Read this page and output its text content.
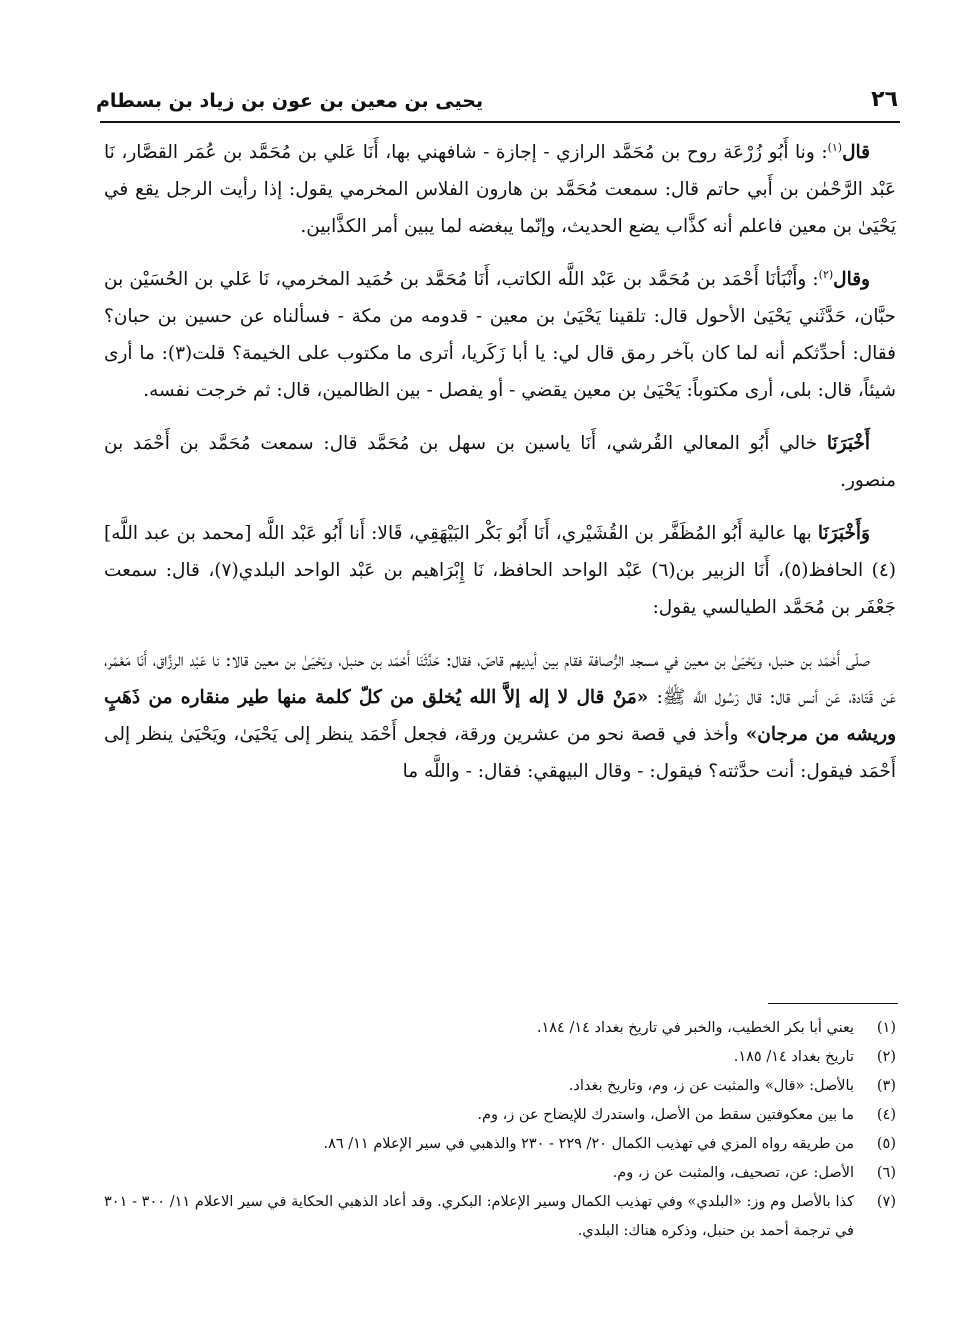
٢٦
يحيى بن معين بن عون بن زياد بن بسطام

قال$^{(١)}$: ونا أَبُو زُرْعَة روح بن مُحَمَّد الرازي - إجازة - شافهني بها، أَنَا عَلي بن مُحَمَّد بن عُمَر القصَّار، نَا عَبْد الرَّحْمٰن بن أَبي حاتم قال: سمعت مُحَمَّد بن هارون الفلاس المخرمي يقول: إذا رأيت الرجل يقع في يَحْيَىٰ بن معين فاعلم أنه كذَّاب يضع الحديث، وإنّما يبغضه لما يبين أمر الكذَّابين.

وقال$^{(٢)}$: وأَنْبَأنَا أَحْمَد بن مُحَمَّد بن عَبْد اللَّه الكاتب، أَنَا مُحَمَّد بن حُمَيد المخرمي، نَا عَلي بن الحُسَيْن بن حبَّان، حَدَّثَني يَحْيَىٰ الأحول قال: تلقينا يَحْيَىٰ بن معين - قدومه من مكة - فسألناه عن حسين بن حبان؟ فقال: أحدِّثكم أنه لما كان بآخر رمق قال لي: يا أبا زَكَريا، أترى ما مكتوب على الخيمة؟ قلت(٣): ما أرى شيئاً، قال: بلى، أرى مكتوباً: يَحْيَىٰ بن معين يقضي - أو يفصل - بين الظالمين، قال: ثم خرجت نفسه.

أَخْبَرَنَا خالي أَبُو المعالي القُرشي، أَنَا ياسين بن سهل بن مُحَمَّد قال: سمعت مُحَمَّد بن أَحْمَد بن منصور.

وَأَخْبَرَنَا بها عالية أَبُو المُظَفَّر بن القُشَيْري، أَنَا أَبُو بَكْر البَيْهَقِي، قَالا: أَنا أَبُو عَبْد اللَّه [محمد بن عبد اللَّه](٤) الحافظ(٥)، أَنَا الزبير بن(٦) عَبْد الواحد الحافظ، نَا إِبْرَاهيم بن عَبْد الواحد البلدي(٧)، قال: سمعت جَعْفَر بن مُحَمَّد الطيالسي يقول:

صلّى أَحْمَد بن حنبل، ويَحْيَىٰ بن معين في مسجد الرُّصافة فقام بين أيديهم قاصّ، فقال: حَدَّثَنَا أَحْمَد بن حنبل، ويَحْيَىٰ بن معين قالا: نا عَبْد الرزَّاق، أَنَا مَعْمَر، عَن قَتَادة، عَن أنس قال: قال رَسُول اللَّه ﷺ: «مَنْ قال لا إله إلاَّ الله يُخلق من كلّ كلمة منها طير منقاره من ذَهَبٍ وريشه من مرجان» وأخذ في قصة نحو من عشرين ورقة، فجعل أَحْمَد ينظر إلى يَحْيَىٰ، ويَحْيَىٰ ينظر إلى أَحْمَد فيقول: أنت حدَّثته؟ فيقول: - وقال البيهقي: فقال: - واللَّه ما

(١)
يعني أبا بكر الخطيب، والخبر في تاريخ بغداد ١٤/ ١٨٤.
(٢)
تاريخ بغداد ١٤/ ١٨٥.
(٣)
بالأصل: «قال» والمثبت عن ز، وم، وتاريخ بغداد.
(٤)
ما بين معكوفتين سقط من الأصل، واستدرك للإيضاح عن ز، وم.
(٥)
من طريقه رواه المزي في تهذيب الكمال ٢٠/ ٢٢٩ - ٢٣٠ والذهبي في سير الإعلام ١١/ ٨٦.
(٦)
الأصل: عن، تصحيف، والمثبت عن ز، وم.
(٧)
كذا بالأصل وم وز: «البلدي» وفي تهذيب الكمال وسير الإعلام: البكري. وقد أعاد الذهبي الحكاية في سير الاعلام ١١/ ٣٠٠ - ٣٠١ في ترجمة أحمد بن حنبل، وذكره هناك: البلدي.
